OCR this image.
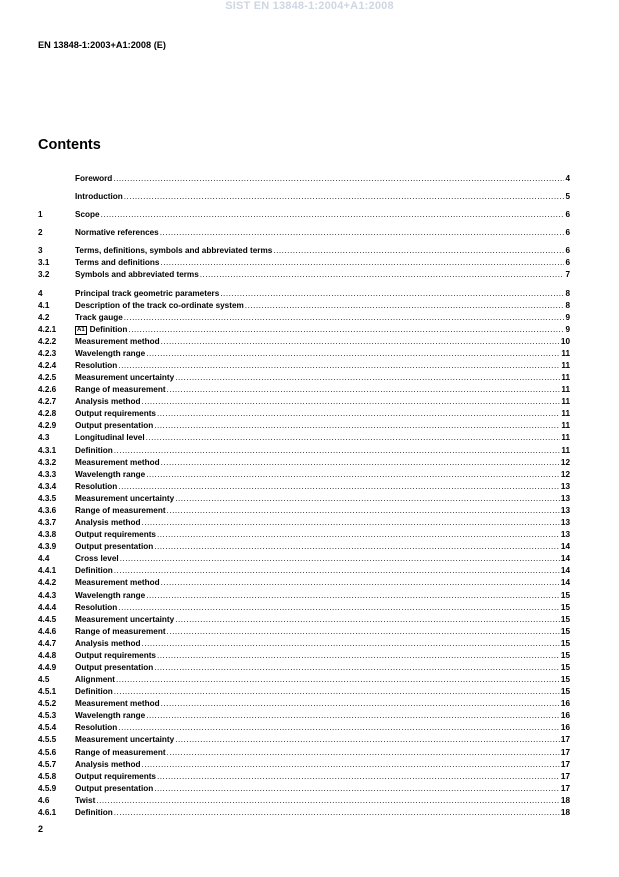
SIST EN 13848-1:2004+A1:2008
EN 13848-1:2003+A1:2008 (E)
Contents
Foreword .....	4
Introduction .....	5
1	Scope .....	6
2	Normative references .....	6
3	Terms, definitions, symbols and abbreviated terms .....	6
3.1	Terms and definitions .....	6
3.2	Symbols and abbreviated terms .....	7
4	Principal track geometric parameters .....	8
4.1	Description of the track co-ordinate system .....	8
4.2	Track gauge .....	9
4.2.1	A1 Definition .....	9
4.2.2	Measurement method .....	10
4.2.3	Wavelength range .....	11
4.2.4	Resolution .....	11
4.2.5	Measurement uncertainty .....	11
4.2.6	Range of measurement .....	11
4.2.7	Analysis method .....	11
4.2.8	Output requirements .....	11
4.2.9	Output presentation .....	11
4.3	Longitudinal level .....	11
4.3.1	Definition .....	11
4.3.2	Measurement method .....	12
4.3.3	Wavelength range .....	12
4.3.4	Resolution .....	13
4.3.5	Measurement uncertainty .....	13
4.3.6	Range of measurement .....	13
4.3.7	Analysis method .....	13
4.3.8	Output requirements .....	13
4.3.9	Output presentation .....	14
4.4	Cross level .....	14
4.4.1	Definition .....	14
4.4.2	Measurement method .....	14
4.4.3	Wavelength range .....	15
4.4.4	Resolution .....	15
4.4.5	Measurement uncertainty .....	15
4.4.6	Range of measurement .....	15
4.4.7	Analysis method .....	15
4.4.8	Output requirements .....	15
4.4.9	Output presentation .....	15
4.5	Alignment .....	15
4.5.1	Definition .....	15
4.5.2	Measurement method .....	16
4.5.3	Wavelength range .....	16
4.5.4	Resolution .....	16
4.5.5	Measurement uncertainty .....	17
4.5.6	Range of measurement .....	17
4.5.7	Analysis method .....	17
4.5.8	Output requirements .....	17
4.5.9	Output presentation .....	17
4.6	Twist .....	18
4.6.1	Definition .....	18
2
